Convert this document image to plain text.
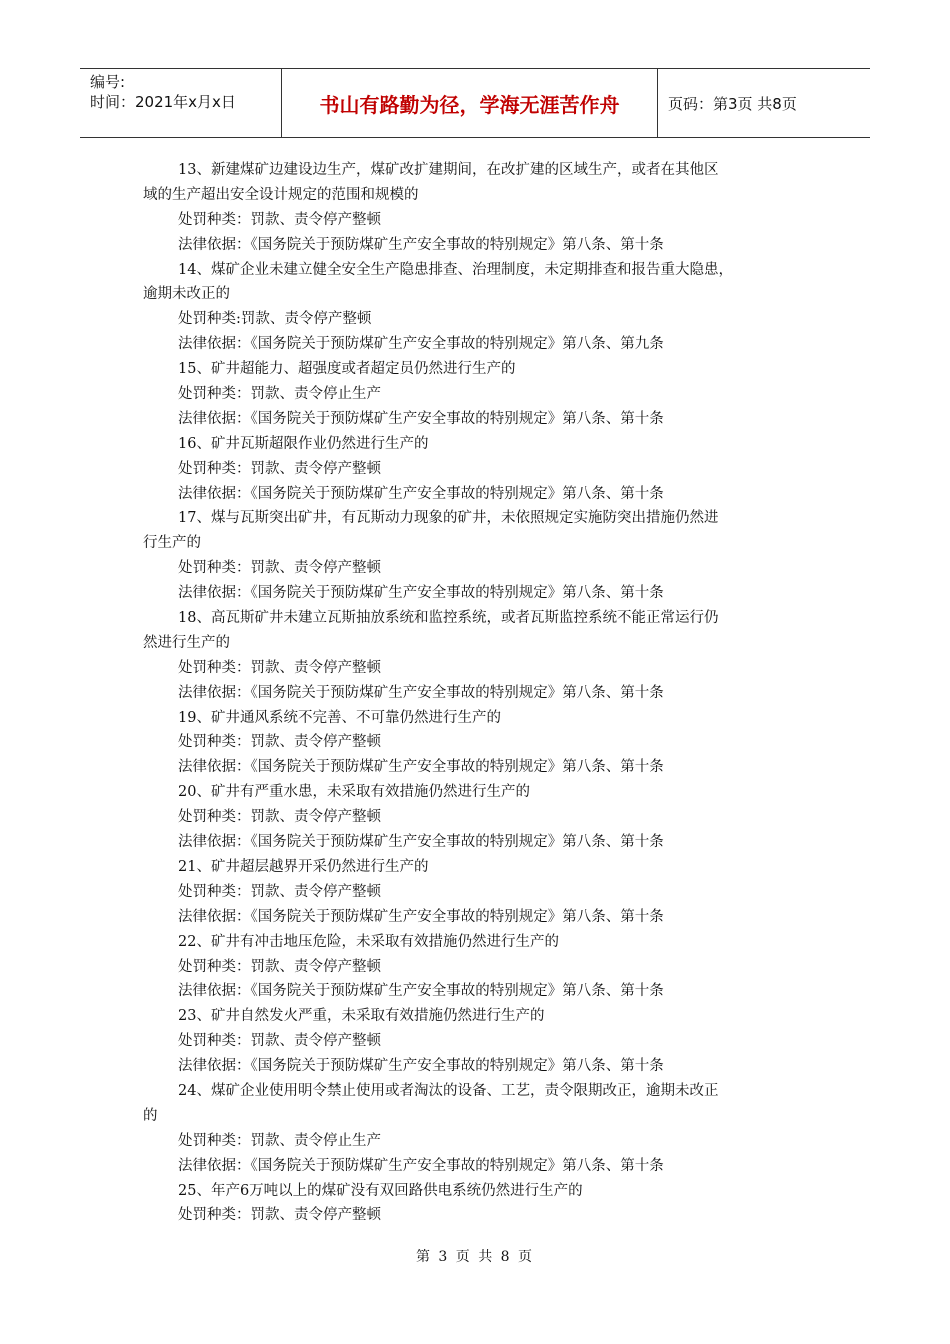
编号:
时间：2021年x月x日	书山有路勤为径，学海无涯苦作舟	页码：第3页 共8页
13、新建煤矿边建设边生产，煤矿改扩建期间，在改扩建的区域生产，或者在其他区
域的生产超出安全设计规定的范围和规模的
处罚种类：罚款、责令停产整顿
法律依据：《国务院关于预防煤矿生产安全事故的特别规定》第八条、第十条
14、煤矿企业未建立健全安全生产隐患排查、治理制度，未定期排查和报告重大隐患，
逾期未改正的
处罚种类:罚款、责令停产整顿
法律依据：《国务院关于预防煤矿生产安全事故的特别规定》第八条、第九条
15、矿井超能力、超强度或者超定员仍然进行生产的
处罚种类：罚款、责令停止生产
法律依据：《国务院关于预防煤矿生产安全事故的特别规定》第八条、第十条
16、矿井瓦斯超限作业仍然进行生产的
处罚种类：罚款、责令停产整顿
法律依据：《国务院关于预防煤矿生产安全事故的特别规定》第八条、第十条
17、煤与瓦斯突出矿井，有瓦斯动力现象的矿井，未依照规定实施防突出措施仍然进
行生产的
处罚种类：罚款、责令停产整顿
法律依据：《国务院关于预防煤矿生产安全事故的特别规定》第八条、第十条
18、高瓦斯矿井未建立瓦斯抽放系统和监控系统，或者瓦斯监控系统不能正常运行仍
然进行生产的
处罚种类：罚款、责令停产整顿
法律依据：《国务院关于预防煤矿生产安全事故的特别规定》第八条、第十条
19、矿井通风系统不完善、不可靠仍然进行生产的
处罚种类：罚款、责令停产整顿
法律依据：《国务院关于预防煤矿生产安全事故的特别规定》第八条、第十条
20、矿井有严重水患，未采取有效措施仍然进行生产的
处罚种类：罚款、责令停产整顿
法律依据：《国务院关于预防煤矿生产安全事故的特别规定》第八条、第十条
21、矿井超层越界开采仍然进行生产的
处罚种类：罚款、责令停产整顿
法律依据：《国务院关于预防煤矿生产安全事故的特别规定》第八条、第十条
22、矿井有冲击地压危险，未采取有效措施仍然进行生产的
处罚种类：罚款、责令停产整顿
法律依据：《国务院关于预防煤矿生产安全事故的特别规定》第八条、第十条
23、矿井自然发火严重，未采取有效措施仍然进行生产的
处罚种类：罚款、责令停产整顿
法律依据：《国务院关于预防煤矿生产安全事故的特别规定》第八条、第十条
24、煤矿企业使用明令禁止使用或者淘汰的设备、工艺，责令限期改正，逾期未改正
的
处罚种类：罚款、责令停止生产
法律依据：《国务院关于预防煤矿生产安全事故的特别规定》第八条、第十条
25、年产6万吨以上的煤矿没有双回路供电系统仍然进行生产的
处罚种类：罚款、责令停产整顿
第 3 页 共 8 页
